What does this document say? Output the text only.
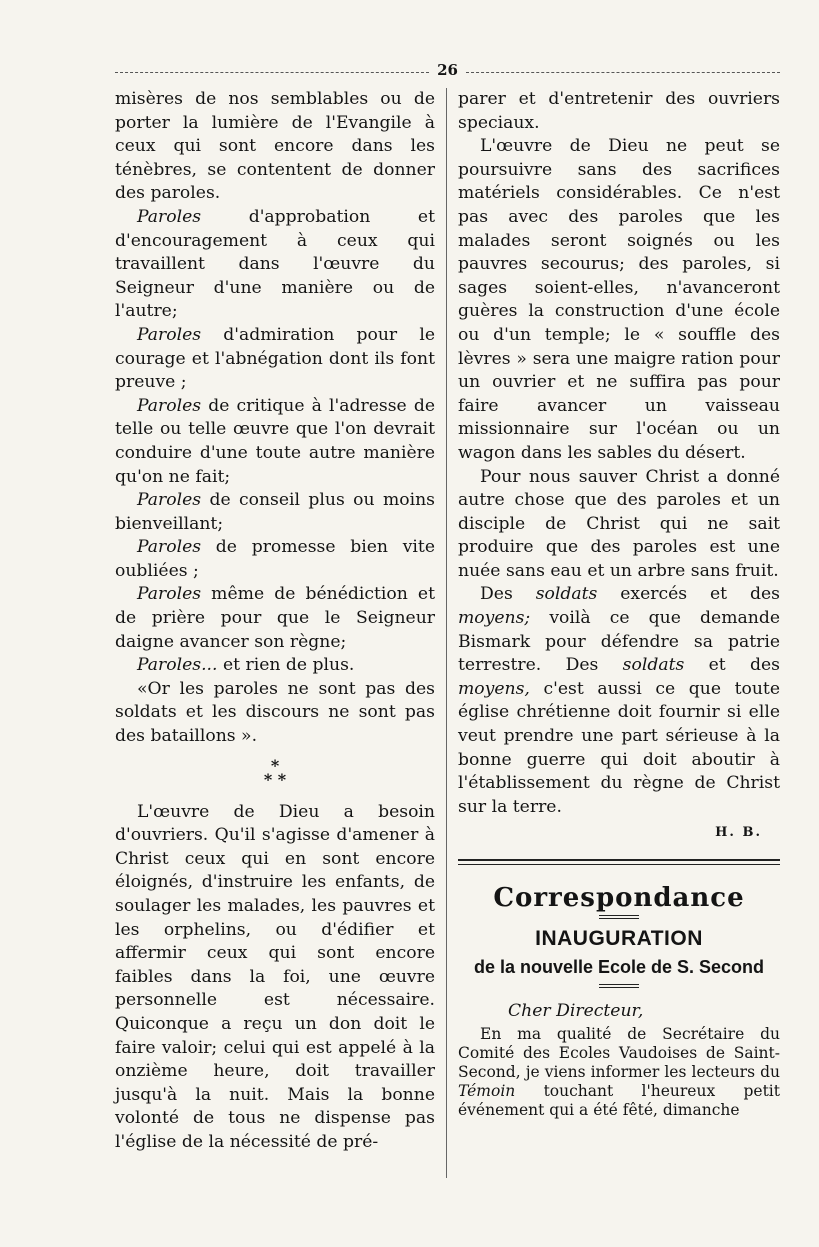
26

misères de nos semblables ou de porter la lumière de l'Evangile à ceux qui sont encore dans les ténèbres, se contentent de donner des paroles.

Paroles d'approbation et d'encouragement à ceux qui travaillent dans l'œuvre du Seigneur d'une manière ou de l'autre;

Paroles d'admiration pour le courage et l'abnégation dont ils font preuve ;

Paroles de critique à l'adresse de telle ou telle œuvre que l'on devrait conduire d'une toute autre manière qu'on ne fait;

Paroles de conseil plus ou moins bienveillant;

Paroles de promesse bien vite oubliées ;

Paroles même de bénédiction et de prière pour que le Seigneur daigne avancer son règne;

Paroles... et rien de plus.

«Or les paroles ne sont pas des soldats et les discours ne sont pas des bataillons ».

*
* *

L'œuvre de Dieu a besoin d'ouvriers. Qu'il s'agisse d'amener à Christ ceux qui en sont encore éloignés, d'instruire les enfants, de soulager les malades, les pauvres et les orphelins, ou d'édifier et affermir ceux qui sont encore faibles dans la foi, une œuvre personnelle est nécessaire. Quiconque a reçu un don doit le faire valoir; celui qui est appelé à la onzième heure, doit travailler jusqu'à la nuit. Mais la bonne volonté de tous ne dispense pas l'église de la nécessité de pré-

parer et d'entretenir des ouvriers speciaux.

L'œuvre de Dieu ne peut se poursuivre sans des sacrifices matériels considérables. Ce n'est pas avec des paroles que les malades seront soignés ou les pauvres secourus; des paroles, si sages soient-elles, n'avanceront guères la construction d'une école ou d'un temple; le « souffle des lèvres » sera une maigre ration pour un ouvrier et ne suffira pas pour faire avancer un vaisseau missionnaire sur l'océan ou un wagon dans les sables du désert.

Pour nous sauver Christ a donné autre chose que des paroles et un disciple de Christ qui ne sait produire que des paroles est une nuée sans eau et un arbre sans fruit.

Des soldats exercés et des moyens; voilà ce que demande Bismark pour défendre sa patrie terrestre. Des soldats et des moyens, c'est aussi ce que toute église chrétienne doit fournir si elle veut prendre une part sérieuse à la bonne guerre qui doit aboutir à l'établissement du règne de Christ sur la terre.

H. B.
Correspondance
INAUGURATION
de la nouvelle Ecole de S. Second

Cher Directeur,

En ma qualité de Secrétaire du Comité des Ecoles Vaudoises de Saint-Second, je viens informer les lecteurs du Témoin touchant l'heureux petit événement qui a été fêté, dimanche
